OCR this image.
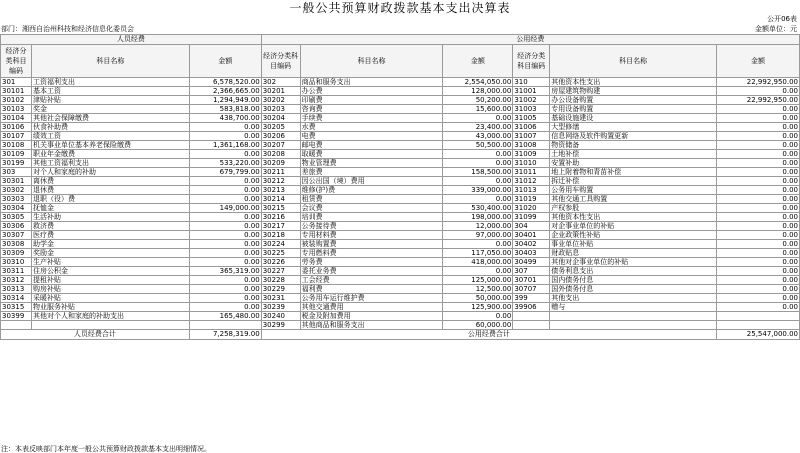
一般公共预算财政拨款基本支出决算表
公开06表
部门：湘西自治州科技和经济信息化委员会	金额单位：元
人员经费			公用经费					
经济分类科目编码	科目名称	金额	经济分类科目编码	科目名称	金额	经济分类科目编码	科目名称	金额
301	工资福利支出	6,578,520.00	302	商品和服务支出	2,554,050.00	310	其他资本性支出	22,992,950.00
30101	基本工资	2,366,665.00	30201	办公费	128,000.00	31001	房屋建筑物购建	0.00
30102	津贴补贴	1,294,949.00	30202	印刷费	50,200.00	31002	办公设备购置	22,992,950.00
30103	奖金	583,818.00	30203	咨询费	15,600.00	31003	专用设备购置	0.00
30104	其他社会保障缴费	438,700.00	30204	手续费	0.00	31005	基础设施建设	0.00
30106	伙食补助费	0.00	30205	水费	23,400.00	31006	大型修缮	0.00
30107	绩效工资	0.00	30206	电费	43,000.00	31007	信息网络及软件购置更新	0.00
30108	机关事业单位基本养老保险缴费	1,361,168.00	30207	邮电费	50,500.00	31008	物资储备	0.00
30109	职业年金缴费	0.00	30208	取暖费	0.00	31009	土地补偿	0.00
30199	其他工资福利支出	533,220.00	30209	物业管理费	0.00	31010	安置补助	0.00
303	对个人和家庭的补助	679,799.00	30211	差旅费	158,500.00	31011	地上附着物和青苗补偿	0.00
30301	离休费	0.00	30212	因公出国（境）费用	0.00	31012	拆迁补偿	0.00
30302	退休费	0.00	30213	维修(护)费	339,000.00	31013	公务用车购置	0.00
30303	退职（役）费	0.00	30214	租赁费	0.00	31019	其他交通工具购置	0.00
30304	抚恤金	149,000.00	30215	会议费	530,400.00	31020	产权参股	0.00
30305	生活补助	0.00	30216	培训费	198,000.00	31099	其他资本性支出	0.00
30306	救济费	0.00	30217	公务接待费	12,000.00	304	对企事业单位的补贴	0.00
30307	医疗费	0.00	30218	专用材料费	97,000.00	30401	企业政策性补贴	0.00
30308	助学金	0.00	30224	被装购置费	0.00	30402	事业单位补贴	0.00
30309	奖励金	0.00	30225	专用燃料费	117,050.00	30403	财政贴息	0.00
30310	生产补贴	0.00	30226	劳务费	418,000.00	30499	其他对企事业单位的补贴	0.00
30311	住房公积金	365,319.00	30227	委托业务费	0.00	307	债务利息支出	0.00
30312	提租补贴	0.00	30228	工会经费	125,000.00	30701	国内债务付息	0.00
30313	购房补贴	0.00	30229	福利费	12,500.00	30707	国外债务付息	0.00
30314	采暖补贴	0.00	30231	公务用车运行维护费	50,000.00	399	其他支出	0.00
30315	物业服务补贴	0.00	30239	其他交通费用	125,900.00	39906	赠与	0.00
30399	其他对个人和家庭的补助支出	165,480.00	30240	税金及附加费用	0.00			
			30299	其他商品和服务支出	60,000.00			
人员经费合计		7,258,319.00	公用经费合计					25,547,000.00
注：本表反映部门本年度一般公共预算财政拨款基本支出明细情况。
